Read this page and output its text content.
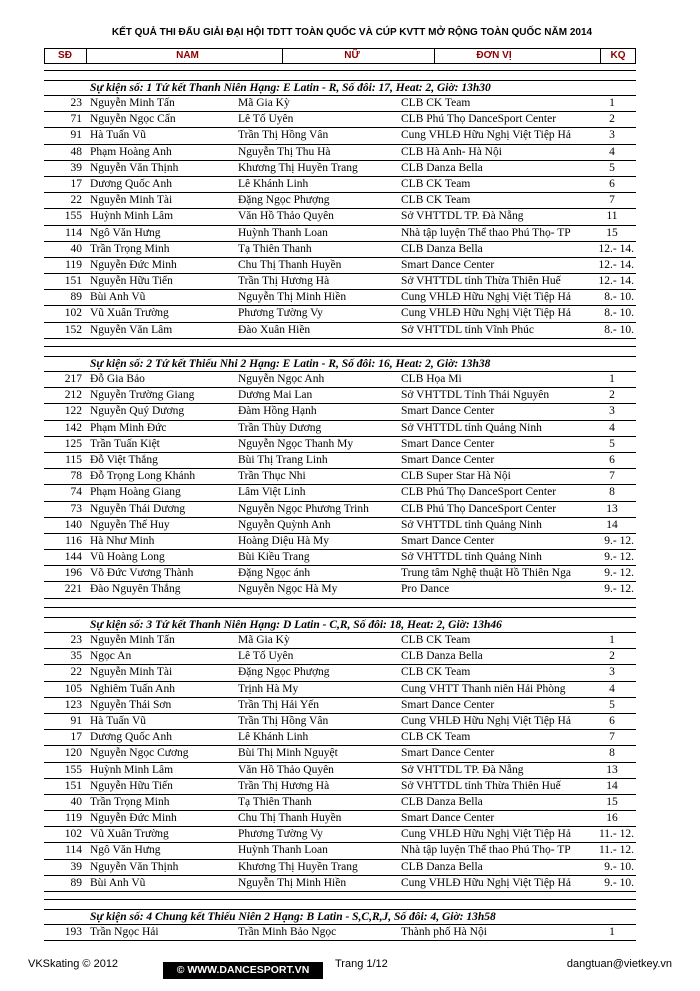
KẾT QUẢ THI ĐẤU GIẢI ĐẠI HỘI TDTT TOÀN QUỐC VÀ CÚP KVTT MỞ RỘNG TOÀN QUỐC NĂM 2014
SĐ	NAM	NỮ	ĐƠN VỊ	KQ
Sự kiện số: 1 Tứ kết Thanh Niên Hạng: E Latin - R, Số đôi: 17, Heat: 2, Giờ: 13h30
23 Nguyễn Minh Tấn	Mã Gia Kỳ	CLB CK Team	1
71 Nguyễn Ngọc Cẩn	Lê Tố Uyên	CLB Phú Thọ DanceSport Center	2
91 Hà Tuấn Vũ	Trần Thị Hồng Vân	Cung VHLĐ Hữu Nghị Việt Tiệp Hả	3
48 Phạm Hoàng Anh	Nguyễn Thị Thu Hà	CLB Hà Anh- Hà Nội	4
39 Nguyễn Văn Thịnh	Khương Thị Huyền Trang	CLB Danza Bella	5
17 Dương Quốc Anh	Lê Khánh Linh	CLB CK Team	6
22 Nguyễn Minh Tài	Đặng Ngọc Phượng	CLB CK Team	7
155 Huỳnh Minh Lâm	Văn Hồ Thảo Quyên	Sở VHTTDL TP. Đà Nẵng	11
114 Ngô Văn Hưng	Huỳnh Thanh Loan	Nhà tập luyện Thể thao Phú Thọ- TP	15
40 Trần Trọng Minh	Tạ Thiên Thanh	CLB Danza Bella	12.- 14.
119 Nguyễn Đức Minh	Chu Thị Thanh Huyền	Smart Dance Center	12.- 14.
151 Nguyễn Hữu Tiến	Trần Thị Hương Hà	Sở VHTTDL tỉnh Thừa Thiên Huế	12.- 14.
89 Bùi Anh Vũ	Nguyễn Thị Minh Hiền	Cung VHLĐ Hữu Nghị Việt Tiệp Hả	8.- 10.
102 Vũ Xuân Trường	Phương Tường Vy	Cung VHLĐ Hữu Nghị Việt Tiệp Hả	8.- 10.
152 Nguyễn Văn Lâm	Đào Xuân Hiền	Sở VHTTDL tỉnh Vĩnh Phúc	8.- 10.
Sự kiện số: 2 Tứ kết Thiếu Nhi 2 Hạng: E Latin - R, Số đôi: 16, Heat: 2, Giờ: 13h38
217 Đỗ Gia Bảo	Nguyễn Ngọc Anh	CLB Họa Mi	1
212 Nguyễn Trường Giang	Dương Mai Lan	Sở VHTTDL Tỉnh Thái Nguyên	2
122 Nguyễn Quý Dương	Đàm Hồng Hạnh	Smart Dance Center	3
142 Phạm Minh Đức	Trần Thùy Dương	Sở VHTTDL tỉnh Quảng Ninh	4
125 Trần Tuấn Kiệt	Nguyễn Ngọc Thanh My	Smart Dance Center	5
115 Đỗ Việt Thắng	Bùi Thị Trang Linh	Smart Dance Center	6
78 Đỗ Trọng Long Khánh	Trần Thục Nhi	CLB Super Star Hà Nội	7
74 Phạm Hoàng Giang	Lâm Việt Linh	CLB Phú Thọ DanceSport Center	8
73 Nguyễn Thái Dương	Nguyễn Ngọc Phương Trinh	CLB Phú Thọ DanceSport Center	13
140 Nguyễn Thế Huy	Nguyễn Quỳnh Anh	Sở VHTTDL tỉnh Quảng Ninh	14
116 Hà Như Minh	Hoàng Diệu Hà My	Smart Dance Center	9.- 12.
144 Vũ Hoàng Long	Bùi Kiều Trang	Sở VHTTDL tỉnh Quảng Ninh	9.- 12.
196 Võ Đức Vương Thành	Đặng Ngọc ánh	Trung tâm Nghệ thuật Hồ Thiên Nga	9.- 12.
221 Đào Nguyên Thắng	Nguyễn Ngọc Hà My	Pro Dance	9.- 12.
Sự kiện số: 3 Tứ kết Thanh Niên Hạng: D Latin - C,R, Số đôi: 18, Heat: 2, Giờ: 13h46
23 Nguyễn Minh Tấn	Mã Gia Kỳ	CLB CK Team	1
35 Ngọc An	Lê Tố Uyên	CLB Danza Bella	2
22 Nguyễn Minh Tài	Đặng Ngọc Phượng	CLB CK Team	3
105 Nghiêm Tuấn Anh	Trịnh Hà My	Cung VHTT Thanh niên Hải Phòng	4
123 Nguyễn Thái Sơn	Trần Thị Hải Yến	Smart Dance Center	5
91 Hà Tuấn Vũ	Trần Thị Hồng Vân	Cung VHLĐ Hữu Nghị Việt Tiệp Hả	6
17 Dương Quốc Anh	Lê Khánh Linh	CLB CK Team	7
120 Nguyễn Ngọc Cương	Bùi Thị Minh Nguyệt	Smart Dance Center	8
155 Huỳnh Minh Lâm	Văn Hồ Thảo Quyên	Sở VHTTDL TP. Đà Nẵng	13
151 Nguyễn Hữu Tiến	Trần Thị Hương Hà	Sở VHTTDL tỉnh Thừa Thiên Huế	14
40 Trần Trọng Minh	Tạ Thiên Thanh	CLB Danza Bella	15
119 Nguyễn Đức Minh	Chu Thị Thanh Huyền	Smart Dance Center	16
102 Vũ Xuân Trường	Phương Tường Vy	Cung VHLĐ Hữu Nghị Việt Tiệp Hả	11.- 12.
114 Ngô Văn Hưng	Huỳnh Thanh Loan	Nhà tập luyện Thể thao Phú Thọ- TP	11.- 12.
39 Nguyễn Văn Thịnh	Khương Thị Huyền Trang	CLB Danza Bella	9.- 10.
89 Bùi Anh Vũ	Nguyễn Thị Minh Hiền	Cung VHLĐ Hữu Nghị Việt Tiệp Hả	9.- 10.
Sự kiện số: 4 Chung kết Thiếu Niên 2 Hạng: B Latin - S,C,R,J, Số đôi: 4, Giờ: 13h58
193 Trần Ngọc Hải	Trần Minh Bảo Ngọc	Thành phố Hà Nội	1
VKSkating © 2012	© WWW.DANCESPORT.VN	Trang 1/12	dangtuan@vietkey.vn
